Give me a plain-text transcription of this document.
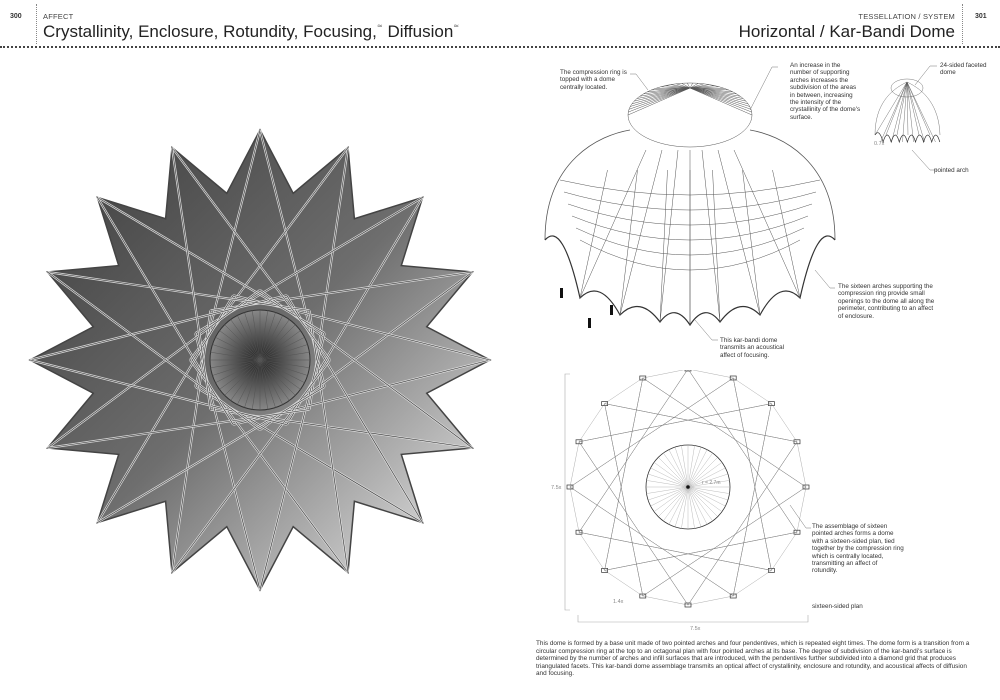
300	AFFECT
Crystallinity, Enclosure, Rotundity, Focusing,≃ Diffusion≃
TESSELLATION / SYSTEM
Horizontal / Kar-Bandi Dome
301
The compression ring is topped with a dome centrally located.
An increase in the number of supporting arches increases the subdivision of the areas in between, increasing the intensity of the crystallinity of the dome's surface.
24-sided faceted dome
pointed arch
The sixteen arches supporting the compression ring provide small openings to the dome all along the perimeter, contributing to an affect of enclosure.
This kar-bandi dome transmits an acoustical affect of focusing.
The assemblage of sixteen pointed arches forms a dome with a sixteen-sided plan, tied together by the compression ring which is centrally located, transmitting an affect of rotundity.
sixteen-sided plan
0.7x
7.5x
7.5x
1.4x
r = 2.7m
This dome is formed by a base unit made of two pointed arches and four pendentives, which is repeated eight times. The dome form is a transition from a circular compression ring at the top to an octagonal plan with four pointed arches at its base. The degree of subdivision of the kar-bandi's surface is determined by the number of arches and infill surfaces that are introduced, with the pendentives further subdivided into a diamond grid that produces triangulated facets. This kar-bandi dome assemblage transmits an optical affect of crystallinity, enclosure and rotundity, and acoustical affects of diffusion and focusing.
